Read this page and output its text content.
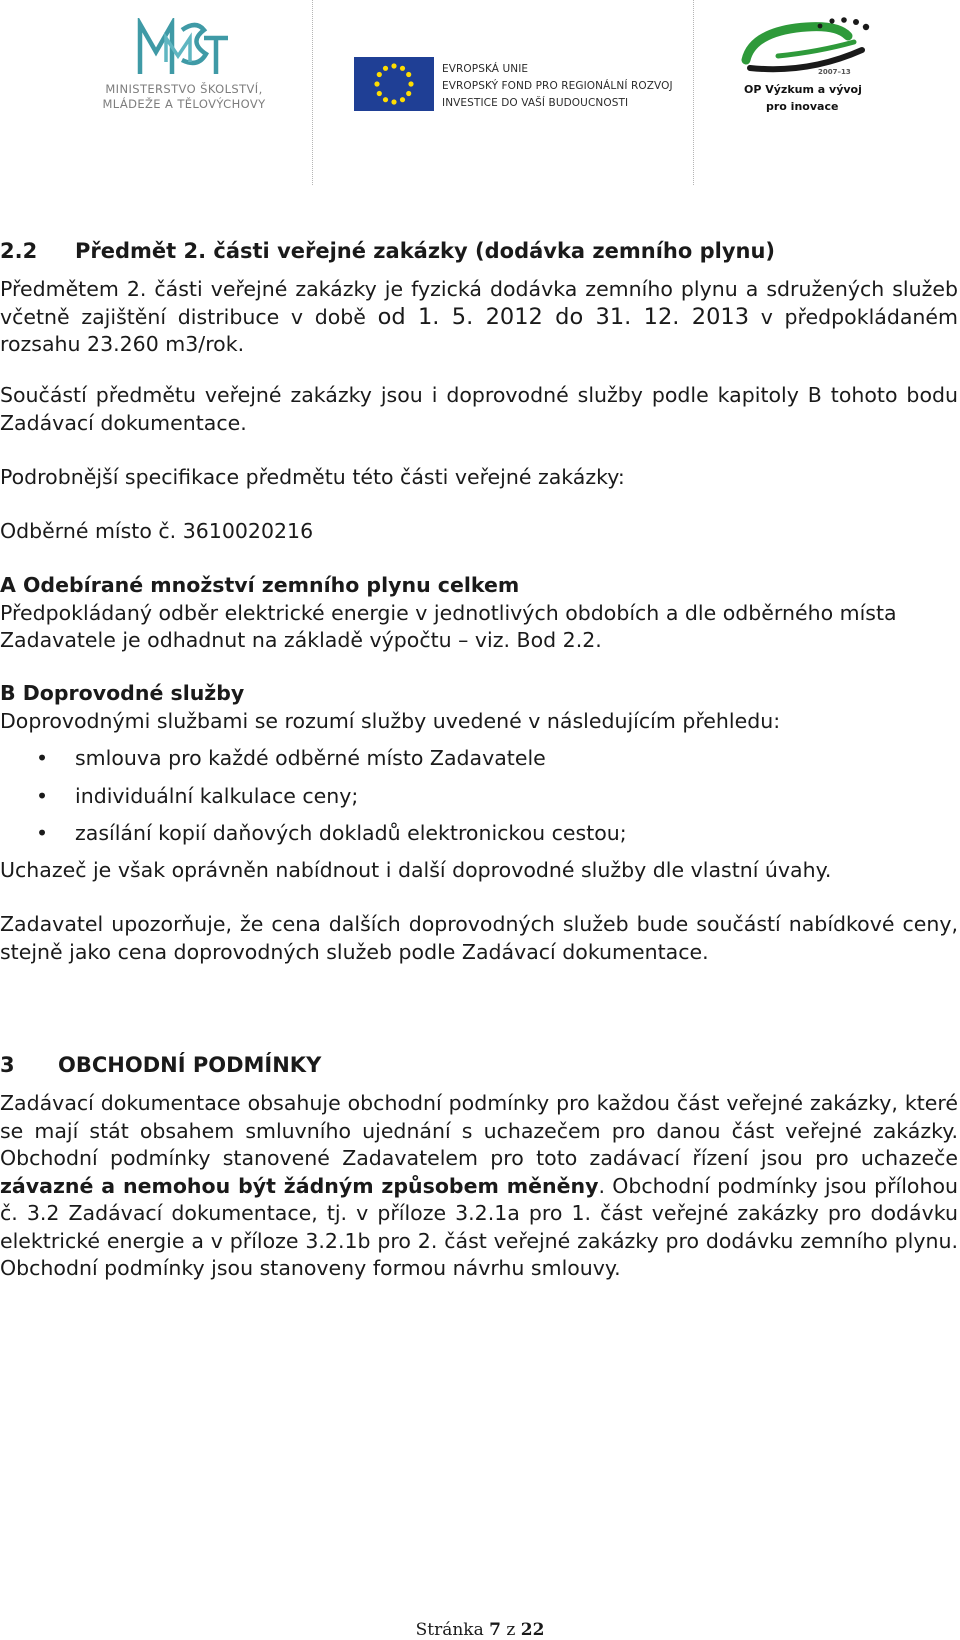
MINISTERSTVO ŠKOLSTVÍ,
MLÁDEŽE A TĚLOVÝCHOVY
EVROPSKÁ UNIE
EVROPSKÝ FOND PRO REGIONÁLNÍ ROZVOJ
INVESTICE DO VAŠÍ BUDOUCNOSTI
2007–13
OP Výzkum a vývoj
pro inovace
2.2 Předmět 2. části veřejné zakázky (dodávka zemního plynu)

Předmětem 2. části veřejné zakázky je fyzická dodávka zemního plynu a sdružených služeb včetně zajištění distribuce v době od 1. 5. 2012 do 31. 12. 2013 v předpokládaném rozsahu 23.260 m3/rok.

Součástí předmětu veřejné zakázky jsou i doprovodné služby podle kapitoly B tohoto bodu Zadávací dokumentace.

Podrobnější specifikace předmětu této části veřejné zakázky:

Odběrné místo č. 3610020216

A Odebírané množství zemního plynu celkem
Předpokládaný odběr elektrické energie v jednotlivých obdobích a dle odběrného místa Zadavatele je odhadnut na základě výpočtu – viz. Bod 2.2.

B Doprovodné služby
Doprovodnými službami se rozumí služby uvedené v následujícím přehledu:

• smlouva pro každé odběrné místo Zadavatele
• individuální kalkulace ceny;
• zasílání kopií daňových dokladů elektronickou cestou;

Uchazeč je však oprávněn nabídnout i další doprovodné služby dle vlastní úvahy.

Zadavatel upozorňuje, že cena dalších doprovodných služeb bude součástí nabídkové ceny, stejně jako cena doprovodných služeb podle Zadávací dokumentace.

3 OBCHODNÍ PODMÍNKY

Zadávací dokumentace obsahuje obchodní podmínky pro každou část veřejné zakázky, které se mají stát obsahem smluvního ujednání s uchazečem pro danou část veřejné zakázky. Obchodní podmínky stanovené Zadavatelem pro toto zadávací řízení jsou pro uchazeče závazné a nemohou být žádným způsobem měněny. Obchodní podmínky jsou přílohou č. 3.2 Zadávací dokumentace, tj. v příloze 3.2.1a pro 1. část veřejné zakázky pro dodávku elektrické energie a v příloze 3.2.1b pro 2. část veřejné zakázky pro dodávku zemního plynu. Obchodní podmínky jsou stanoveny formou návrhu smlouvy.

Stránka 7 z 22
